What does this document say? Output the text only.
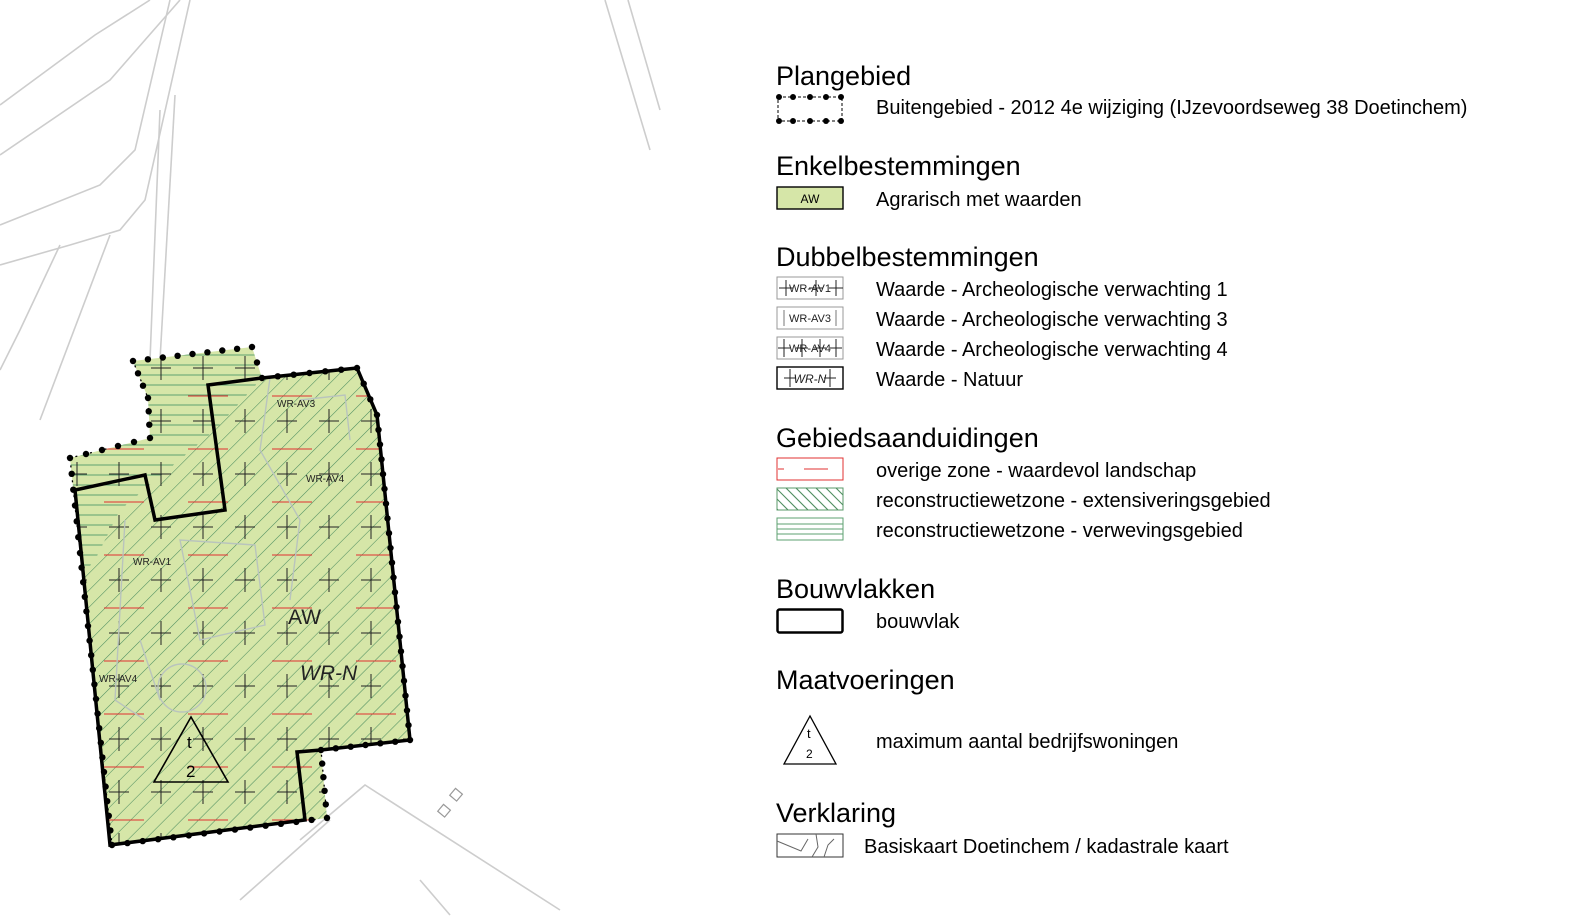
WR-AV3
WR-AV4
WR-AV1
WR-AV4
AW
WR-N
t
2
Plangebied
Buitengebied - 2012 4e wijziging (IJzevoordseweg 38 Doetinchem)
Enkelbestemmingen
AW	Agrarisch met waarden
Dubbelbestemmingen
WR-AV1 Waarde - Archeologische verwachting 1
WR-AV3 Waarde - Archeologische verwachting 3
WR-AV4 Waarde - Archeologische verwachting 4
WR-N Waarde - Natuur
Gebiedsaanduidingen
overige zone - waardevol landschap
reconstructiewetzone - extensiveringsgebied
reconstructiewetzone - verwevingsgebied
Bouwvlakken
bouwvlak
Maatvoeringen
t
2
maximum aantal bedrijfswoningen
Verklaring
Basiskaart Doetinchem / kadastrale kaart
